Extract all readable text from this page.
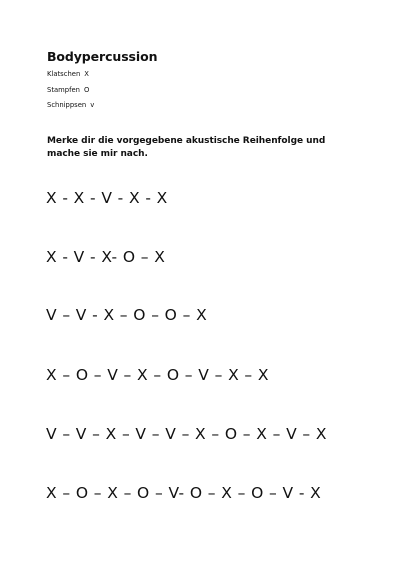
Bodypercussion
Klatschen X
Stampfen O
Schnippsen v
Merke dir die vorgegebene akustische Reihenfolge und mache sie mir nach.
X - X - V - X - X
X - V - X- O – X
V – V - X – O – O – X
X – O – V – X – O – V – X – X
V – V – X – V – V – X – O – X – V – X
X – O – X – O – V- O – X – O – V - X
